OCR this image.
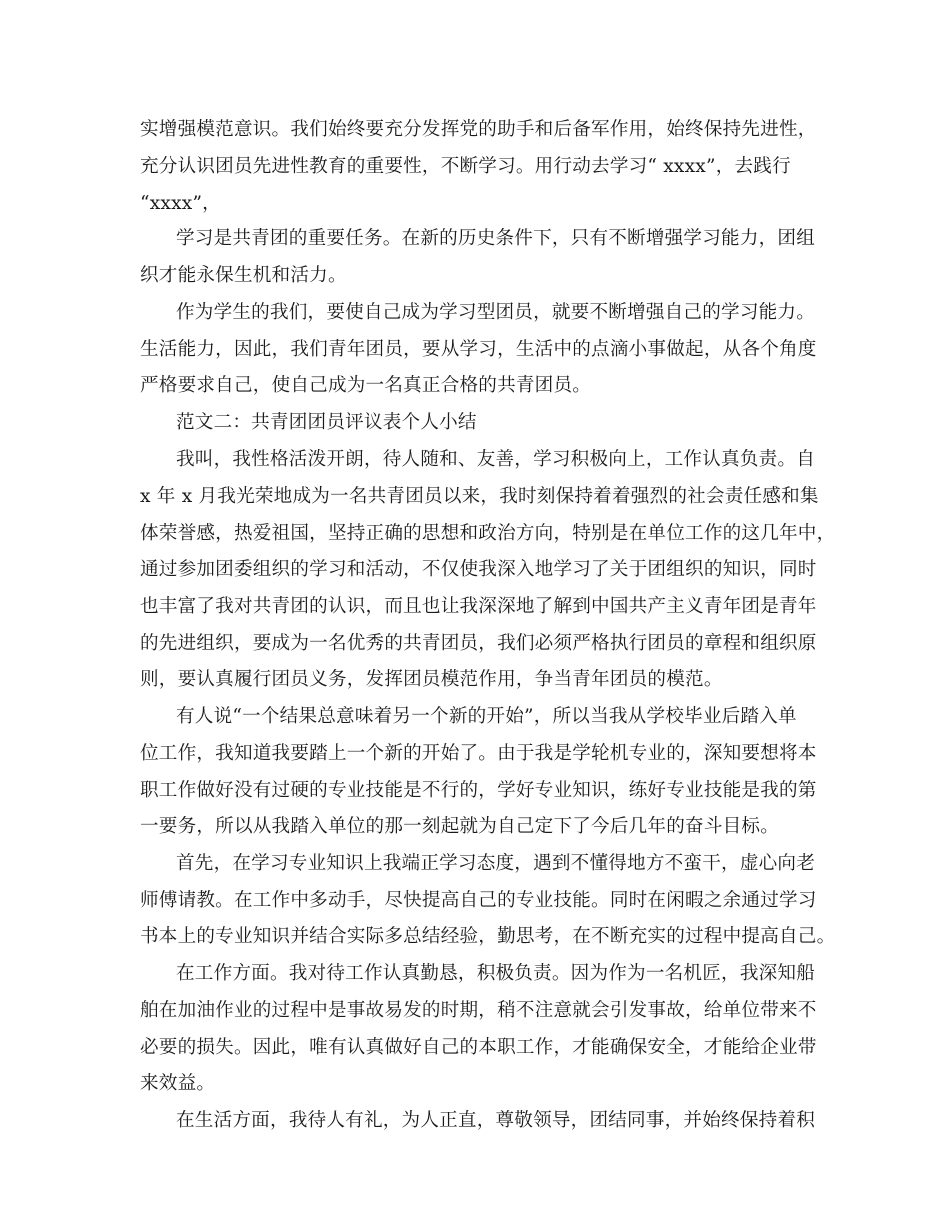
实增强模范意识。我们始终要充分发挥党的助手和后备军作用，始终保持先进性，
充分认识团员先进性教育的重要性，不断学习。用行动去学习“ xxxx”，去践行
“xxxx”，
学习是共青团的重要任务。在新的历史条件下，只有不断增强学习能力，团组
织才能永保生机和活力。
作为学生的我们，要使自己成为学习型团员，就要不断增强自己的学习能力。
生活能力，因此，我们青年团员，要从学习，生活中的点滴小事做起，从各个角度
严格要求自己，使自己成为一名真正合格的共青团员。
范文二：共青团团员评议表个人小结
我叫，我性格活泼开朗，待人随和、友善，学习积极向上，工作认真负责。自
x 年 x 月我光荣地成为一名共青团员以来，我时刻保持着着强烈的社会责任感和集
体荣誉感，热爱祖国，坚持正确的思想和政治方向，特别是在单位工作的这几年中，
通过参加团委组织的学习和活动，不仅使我深入地学习了关于团组织的知识，同时
也丰富了我对共青团的认识，而且也让我深深地了解到中国共产主义青年团是青年
的先进组织，要成为一名优秀的共青团员，我们必须严格执行团员的章程和组织原
则，要认真履行团员义务，发挥团员模范作用，争当青年团员的模范。
有人说“一个结果总意味着另一个新的开始”，所以当我从学校毕业后踏入单
位工作，我知道我要踏上一个新的开始了。由于我是学轮机专业的，深知要想将本
职工作做好没有过硬的专业技能是不行的，学好专业知识，练好专业技能是我的第
一要务，所以从我踏入单位的那一刻起就为自己定下了今后几年的奋斗目标。
首先，在学习专业知识上我端正学习态度，遇到不懂得地方不蛮干，虚心向老
师傅请教。在工作中多动手，尽快提高自己的专业技能。同时在闲暇之余通过学习
书本上的专业知识并结合实际多总结经验，勤思考，在不断充实的过程中提高自己。
在工作方面。我对待工作认真勤恳，积极负责。因为作为一名机匠，我深知船
舶在加油作业的过程中是事故易发的时期，稍不注意就会引发事故，给单位带来不
必要的损失。因此，唯有认真做好自己的本职工作，才能确保安全，才能给企业带
来效益。
在生活方面，我待人有礼，为人正直，尊敬领导，团结同事，并始终保持着积
